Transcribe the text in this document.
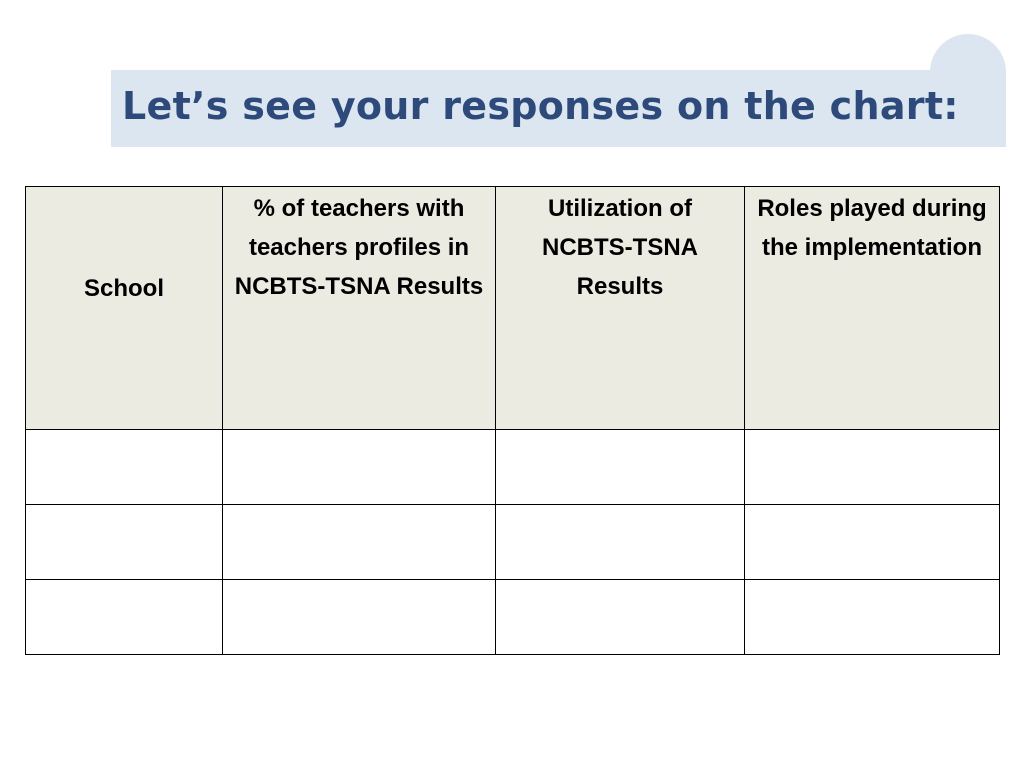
Let’s see your responses on the chart:
School	% of teachers with teachers profiles in NCBTS-TSNA Results	Utilization of NCBTS-TSNA Results	Roles played during the implementation
